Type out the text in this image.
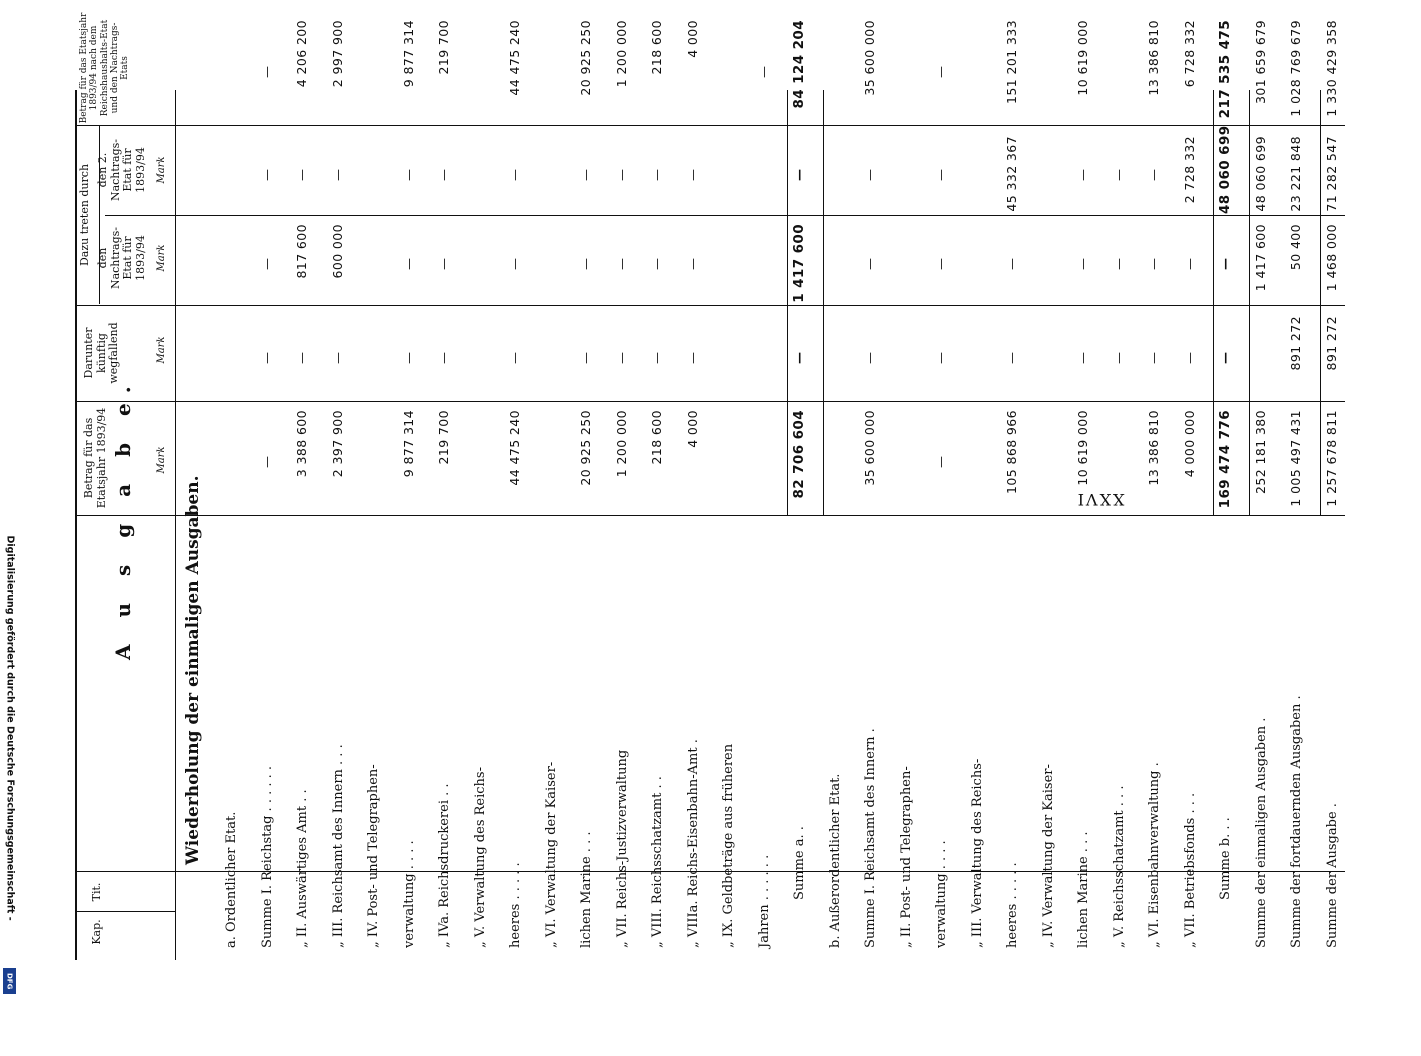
XXVI
Kap.
Tit.
A u s g a b e.
Betrag für das Etatsjahr 1893/94
Darunter künftig wegfallend
Dazu treten durch den Nachtrags-Etat für 1893/94
den 2. Nachtrags-Etat für 1893/94
Betrag für das Etatsjahr 1893/94 nach dem Reichshaushalts-Etat und den Nachtrags-Etats
Mark
Mark
Mark
Mark
Wiederholung der einmaligen Ausgaben.
a. Ordentlicher Etat. Summe I. Reichstag . . . . . .
—
—
—
—
—
„ II. Auswärtiges Amt . .
3 388 600
—
817 600
—
4 206 200
„ III. Reichsamt des Innern . . .
2 397 900
—
600 000
—
2 997 900
„ IV. Post- und Telegraphen- verwaltung . . . .
9 877 314
—
—
—
9 877 314
„ IVa. Reichsdruckerei . .
219 700
—
—
—
219 700
„ V. Verwaltung des Reichs- heeres . . . . .
44 475 240
—
—
—
44 475 240
„ VI. Verwaltung der Kaiser- lichen Marine . . .
20 925 250
—
—
—
20 925 250
„ VII. Reichs-Justizverwaltung
1 200 000
—
—
—
1 200 000
„ VIII. Reichsschatzamt . .
218 600
—
—
—
218 600
„ VIIIa. Reichs-Eisenbahn-Amt .
4 000
—
—
—
4 000
„ IX. Geldbeträge aus früheren Jahren . . . . . .
—
Summe a. .
82 706 604
—
1 417 600
—
84 124 204
b. Außerordentlicher Etat. Summe I. Reichsamt des Innern .
35 600 000
—
—
—
35 600 000
„ II. Post- und Telegraphen- verwaltung . . . .
—
—
—
—
—
„ III. Verwaltung des Reichs- heeres . . . . .
105 868 966
—
—
45 332 367
151 201 333
„ IV. Verwaltung der Kaiser- lichen Marine . . .
10 619 000
—
—
—
10 619 000
„ V. Reichsschatzamt . . .
—
—
—
„ VI. Eisenbahnverwaltung .
13 386 810
—
—
—
13 386 810
„ VII. Betriebsfonds . . .
4 000 000
—
—
2 728 332
6 728 332
Summe b. . .
169 474 776
—
—
48 060 699
217 535 475
Summe der einmaligen Ausgaben .
252 181 380
1 417 600
48 060 699
301 659 679
Summe der fortdauernden Ausgaben .
1 005 497 431
891 272
50 400
23 221 848
1 028 769 679
Summe der Ausgabe .
1 257 678 811
891 272
1 468 000
71 282 547
1 330 429 358
Digitalisierung gefördert durch die Deutsche Forschungsgemeinschaft -
DFG
